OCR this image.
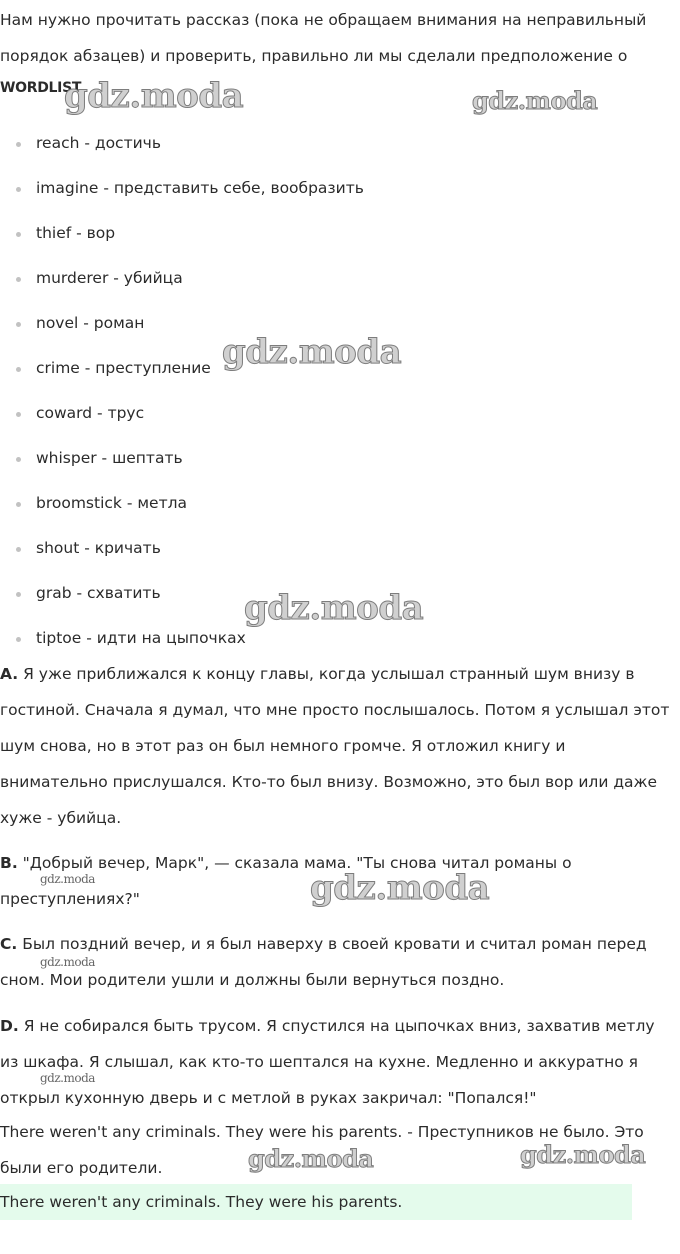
Нам нужно прочитать рассказ (пока не обращаем внимания на неправильный порядок абзацев) и проверить, правильно ли мы сделали предположение о

WORDLIST

reach - достичь
imagine - представить себе, вообразить
thief - вор
murderer - убийца
novel - роман
crime - преступление
coward - трус
whisper - шептать
broomstick - метла
shout - кричать
grab - схватить
tiptoe - идти на цыпочках

A. Я уже приближался к концу главы, когда услышал странный шум внизу в гостиной. Сначала я думал, что мне просто послышалось. Потом я услышал этот шум снова, но в этот раз он был немного громче. Я отложил книгу и внимательно прислушался. Кто-то был внизу. Возможно, это был вор или даже хуже - убийца.

B. "Добрый вечер, Марк", — сказала мама. "Ты снова читал романы о преступлениях?"

C. Был поздний вечер, и я был наверху в своей кровати и считал роман перед сном. Мои родители ушли и должны были вернуться поздно.

D. Я не собирался быть трусом. Я спустился на цыпочках вниз, захватив метлу из шкафа. Я слышал, как кто-то шептался на кухне. Медленно и аккуратно я открыл кухонную дверь и с метлой в руках закричал: "Попался!"

There weren't any criminals. They were his parents. - Преступников не было. Это были его родители.

There weren't any criminals. They were his parents.
gdz.moda	gdz.moda
gdz.moda
gdz.moda
gdz.moda
gdz.moda
gdz.moda
gdz.moda
gdz.moda	gdz.moda
